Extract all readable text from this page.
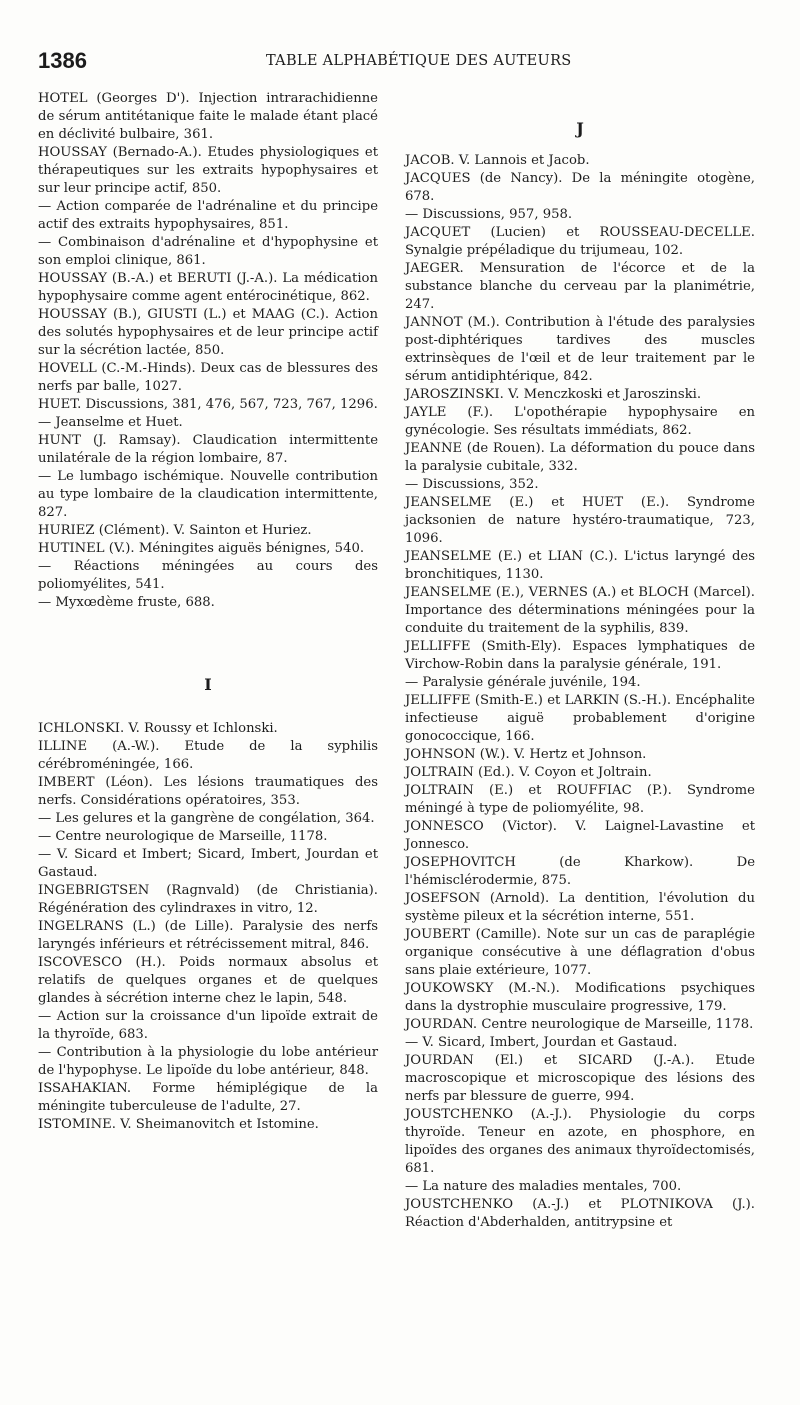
1386	TABLE ALPHABÉTIQUE DES AUTEURS

HOTEL (Georges D'). Injection intrarachidienne de sérum antitétanique faite le malade étant placé en déclivité bulbaire, 361.

HOUSSAY (Bernado-A.). Etudes physiologiques et thérapeutiques sur les extraits hypophysaires et sur leur principe actif, 850.

— Action comparée de l'adrénaline et du principe actif des extraits hypophysaires, 851.

— Combinaison d'adrénaline et d'hypophysine et son emploi clinique, 861.

HOUSSAY (B.-A.) et BERUTI (J.-A.). La médication hypophysaire comme agent entérocinétique, 862.

HOUSSAY (B.), GIUSTI (L.) et MAAG (C.). Action des solutés hypophysaires et de leur principe actif sur la sécrétion lactée, 850.

HOVELL (C.-M.-Hinds). Deux cas de blessures des nerfs par balle, 1027.

HUET. Discussions, 381, 476, 567, 723, 767, 1296.

— Jeanselme et Huet.

HUNT (J. Ramsay). Claudication intermittente unilatérale de la région lombaire, 87.

— Le lumbago ischémique. Nouvelle contribution au type lombaire de la claudication intermittente, 827.

HURIEZ (Clément). V. Sainton et Huriez.

HUTINEL (V.). Méningites aiguës bénignes, 540.

— Réactions méningées au cours des poliomyélites, 541.

— Myxœdème fruste, 688.

I

ICHLONSKI. V. Roussy et Ichlonski.

ILLINE (A.-W.). Etude de la syphilis cérébroméningée, 166.

IMBERT (Léon). Les lésions traumatiques des nerfs. Considérations opératoires, 353.

— Les gelures et la gangrène de congélation, 364.

— Centre neurologique de Marseille, 1178.

— V. Sicard et Imbert; Sicard, Imbert, Jourdan et Gastaud.

INGEBRIGTSEN (Ragnvald) (de Christiania). Régénération des cylindraxes in vitro, 12.

INGELRANS (L.) (de Lille). Paralysie des nerfs laryngés inférieurs et rétrécissement mitral, 846.

ISCOVESCO (H.). Poids normaux absolus et relatifs de quelques organes et de quelques glandes à sécrétion interne chez le lapin, 548.

— Action sur la croissance d'un lipoïde extrait de la thyroïde, 683.

— Contribution à la physiologie du lobe antérieur de l'hypophyse. Le lipoïde du lobe antérieur, 848.

ISSAHAKIAN. Forme hémiplégique de la méningite tuberculeuse de l'adulte, 27.

ISTOMINE. V. Sheimanovitch et Istomine.

J

JACOB. V. Lannois et Jacob.

JACQUES (de Nancy). De la méningite otogène, 678.

— Discussions, 957, 958.

JACQUET (Lucien) et ROUSSEAU-DECELLE. Synalgie prépéladique du trijumeau, 102.

JAEGER. Mensuration de l'écorce et de la substance blanche du cerveau par la planimétrie, 247.

JANNOT (M.). Contribution à l'étude des paralysies post-diphtériques tardives des muscles extrinsèques de l'œil et de leur traitement par le sérum antidiphtérique, 842.

JAROSZINSKI. V. Menczkoski et Jaroszinski.

JAYLE (F.). L'opothérapie hypophysaire en gynécologie. Ses résultats immédiats, 862.

JEANNE (de Rouen). La déformation du pouce dans la paralysie cubitale, 332.

— Discussions, 352.

JEANSELME (E.) et HUET (E.). Syndrome jacksonien de nature hystéro-traumatique, 723, 1096.

JEANSELME (E.) et LIAN (C.). L'ictus laryngé des bronchitiques, 1130.

JEANSELME (E.), VERNES (A.) et BLOCH (Marcel). Importance des déterminations méningées pour la conduite du traitement de la syphilis, 839.

JELLIFFE (Smith-Ely). Espaces lymphatiques de Virchow-Robin dans la paralysie générale, 191.

— Paralysie générale juvénile, 194.

JELLIFFE (Smith-E.) et LARKIN (S.-H.). Encéphalite infectieuse aiguë probablement d'origine gonococcique, 166.

JOHNSON (W.). V. Hertz et Johnson.

JOLTRAIN (Ed.). V. Coyon et Joltrain.

JOLTRAIN (E.) et ROUFFIAC (P.). Syndrome méningé à type de poliomyélite, 98.

JONNESCO (Victor). V. Laignel-Lavastine et Jonnesco.

JOSEPHOVITCH (de Kharkow). De l'hémisclérodermie, 875.

JOSEFSON (Arnold). La dentition, l'évolution du système pileux et la sécrétion interne, 551.

JOUBERT (Camille). Note sur un cas de paraplégie organique consécutive à une déflagration d'obus sans plaie extérieure, 1077.

JOUKOWSKY (M.-N.). Modifications psychiques dans la dystrophie musculaire progressive, 179.

JOURDAN. Centre neurologique de Marseille, 1178.

— V. Sicard, Imbert, Jourdan et Gastaud.

JOURDAN (El.) et SICARD (J.-A.). Etude macroscopique et microscopique des lésions des nerfs par blessure de guerre, 994.

JOUSTCHENKO (A.-J.). Physiologie du corps thyroïde. Teneur en azote, en phosphore, en lipoïdes des organes des animaux thyroïdectomisés, 681.

— La nature des maladies mentales, 700.

JOUSTCHENKO (A.-J.) et PLOTNIKOVA (J.). Réaction d'Abderhalden, antitrypsine et
